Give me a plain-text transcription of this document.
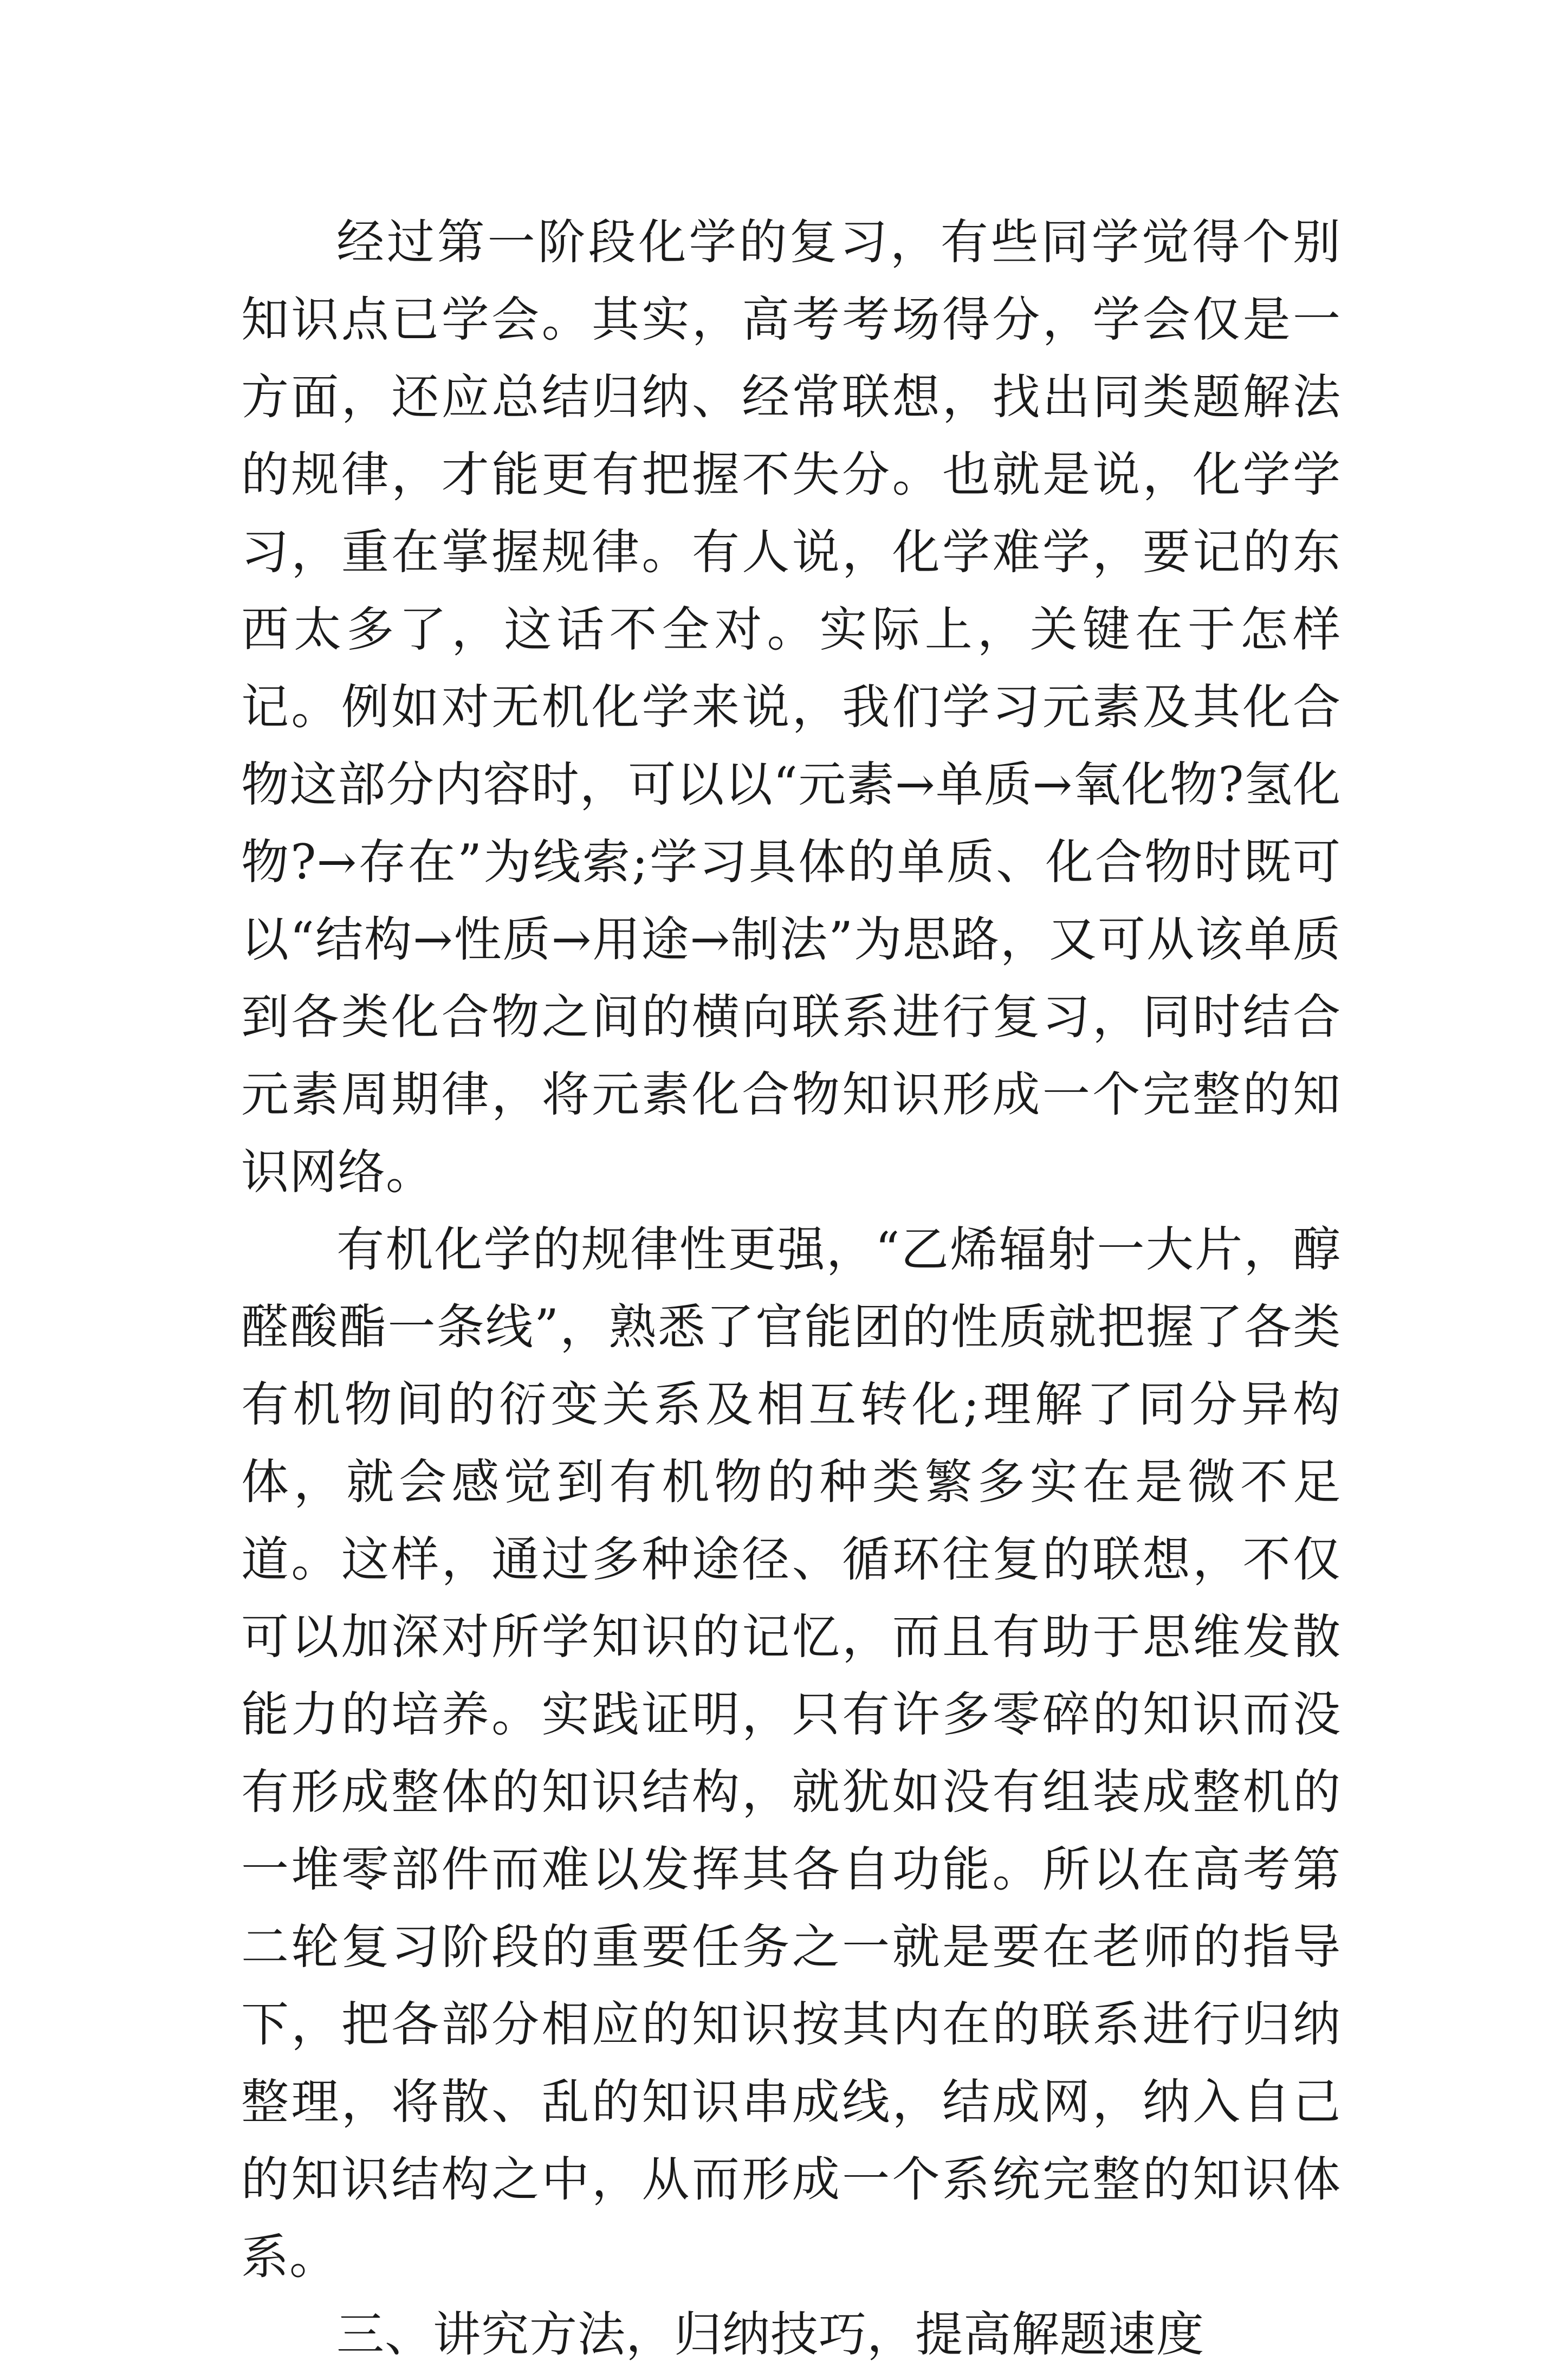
经过第一阶段化学的复习，有些同学觉得个别知识点已学会。其实，高考考场得分，学会仅是一方面，还应总结归纳、经常联想，找出同类题解法的规律，才能更有把握不失分。也就是说，化学学习，重在掌握规律。有人说，化学难学，要记的东西太多了，这话不全对。实际上，关键在于怎样记。例如对无机化学来说，我们学习元素及其化合物这部分内容时，可以以“元素→单质→氧化物?氢化物?→存在”为线索;学习具体的单质、化合物时既可以“结构→性质→用途→制法”为思路，又可从该单质到各类化合物之间的横向联系进行复习，同时结合元素周期律，将元素化合物知识形成一个完整的知识网络。

有机化学的规律性更强，“乙烯辐射一大片，醇醛酸酯一条线”，熟悉了官能团的性质就把握了各类有机物间的衍变关系及相互转化;理解了同分异构体，就会感觉到有机物的种类繁多实在是微不足道。这样，通过多种途径、循环往复的联想，不仅可以加深对所学知识的记忆，而且有助于思维发散能力的培养。实践证明，只有许多零碎的知识而没有形成整体的知识结构，就犹如没有组装成整机的一堆零部件而难以发挥其各自功能。所以在高考第二轮复习阶段的重要任务之一就是要在老师的指导下，把各部分相应的知识按其内在的联系进行归纳整理，将散、乱的知识串成线，结成网，纳入自己的知识结构之中，从而形成一个系统完整的知识体系。

三、讲究方法，归纳技巧，提高解题速度
